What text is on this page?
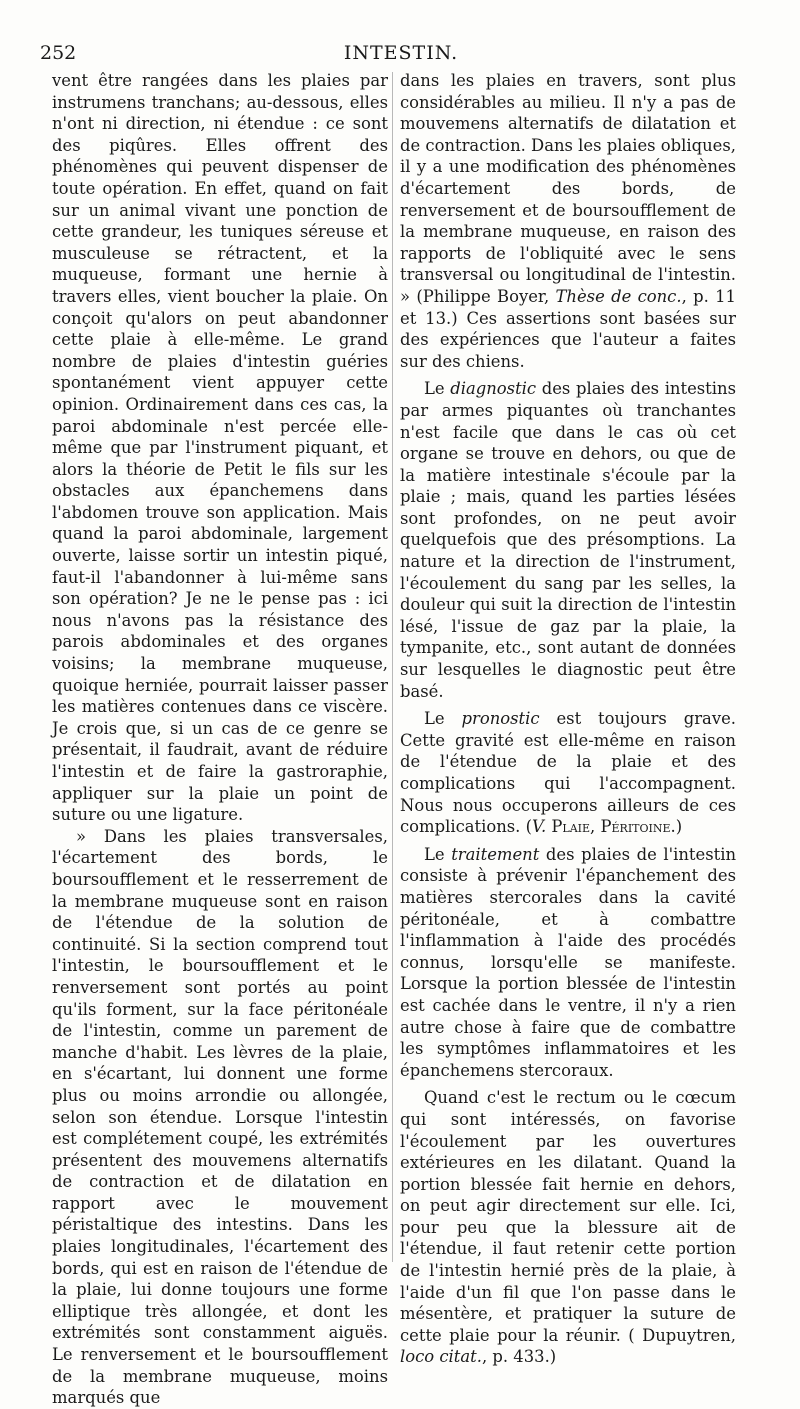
252	INTESTIN.

vent être rangées dans les plaies par instrumens tranchans; au-dessous, elles n'ont ni direction, ni étendue : ce sont des piqûres. Elles offrent des phénomènes qui peuvent dispenser de toute opération. En effet, quand on fait sur un animal vivant une ponction de cette grandeur, les tuniques séreuse et musculeuse se rétractent, et la muqueuse, formant une hernie à travers elles, vient boucher la plaie. On conçoit qu'alors on peut abandonner cette plaie à elle-même. Le grand nombre de plaies d'intestin guéries spontanément vient appuyer cette opinion. Ordinairement dans ces cas, la paroi abdominale n'est percée elle-même que par l'instrument piquant, et alors la théorie de Petit le fils sur les obstacles aux épanchemens dans l'abdomen trouve son application. Mais quand la paroi abdominale, largement ouverte, laisse sortir un intestin piqué, faut-il l'abandonner à lui-même sans son opération? Je ne le pense pas : ici nous n'avons pas la résistance des parois abdominales et des organes voisins; la membrane muqueuse, quoique herniée, pourrait laisser passer les matières contenues dans ce viscère. Je crois que, si un cas de ce genre se présentait, il faudrait, avant de réduire l'intestin et de faire la gastroraphie, appliquer sur la plaie un point de suture ou une ligature.

» Dans les plaies transversales, l'écartement des bords, le boursoufflement et le resserrement de la membrane muqueuse sont en raison de l'étendue de la solution de continuité. Si la section comprend tout l'intestin, le boursoufflement et le renversement sont portés au point qu'ils forment, sur la face péritonéale de l'intestin, comme un parement de manche d'habit. Les lèvres de la plaie, en s'écartant, lui donnent une forme plus ou moins arrondie ou allongée, selon son étendue. Lorsque l'intestin est complétement coupé, les extrémités présentent des mouvemens alternatifs de contraction et de dilatation en rapport avec le mouvement péristaltique des intestins. Dans les plaies longitudinales, l'écartement des bords, qui est en raison de l'étendue de la plaie, lui donne toujours une forme elliptique très allongée, et dont les extrémités sont constamment aiguës. Le renversement et le boursoufflement de la membrane muqueuse, moins marqués que

dans les plaies en travers, sont plus considérables au milieu. Il n'y a pas de mouvemens alternatifs de dilatation et de contraction. Dans les plaies obliques, il y a une modification des phénomènes d'écartement des bords, de renversement et de boursoufflement de la membrane muqueuse, en raison des rapports de l'obliquité avec le sens transversal ou longitudinal de l'intestin. » (Philippe Boyer, Thèse de conc., p. 11 et 13.) Ces assertions sont basées sur des expériences que l'auteur a faites sur des chiens.

Le diagnostic des plaies des intestins par armes piquantes où tranchantes n'est facile que dans le cas où cet organe se trouve en dehors, ou que de la matière intestinale s'écoule par la plaie ; mais, quand les parties lésées sont profondes, on ne peut avoir quelquefois que des présomptions. La nature et la direction de l'instrument, l'écoulement du sang par les selles, la douleur qui suit la direction de l'intestin lésé, l'issue de gaz par la plaie, la tympanite, etc., sont autant de données sur lesquelles le diagnostic peut être basé.

Le pronostic est toujours grave. Cette gravité est elle-même en raison de l'étendue de la plaie et des complications qui l'accompagnent. Nous nous occuperons ailleurs de ces complications. (V. Plaie, Péritoine.)

Le traitement des plaies de l'intestin consiste à prévenir l'épanchement des matières stercorales dans la cavité péritonéale, et à combattre l'inflammation à l'aide des procédés connus, lorsqu'elle se manifeste. Lorsque la portion blessée de l'intestin est cachée dans le ventre, il n'y a rien autre chose à faire que de combattre les symptômes inflammatoires et les épanchemens stercoraux.

Quand c'est le rectum ou le cœcum qui sont intéressés, on favorise l'écoulement par les ouvertures extérieures en les dilatant. Quand la portion blessée fait hernie en dehors, on peut agir directement sur elle. Ici, pour peu que la blessure ait de l'étendue, il faut retenir cette portion de l'intestin hernié près de la plaie, à l'aide d'un fil que l'on passe dans le mésentère, et pratiquer la suture de cette plaie pour la réunir. ( Dupuytren, loco citat., p. 433.)
